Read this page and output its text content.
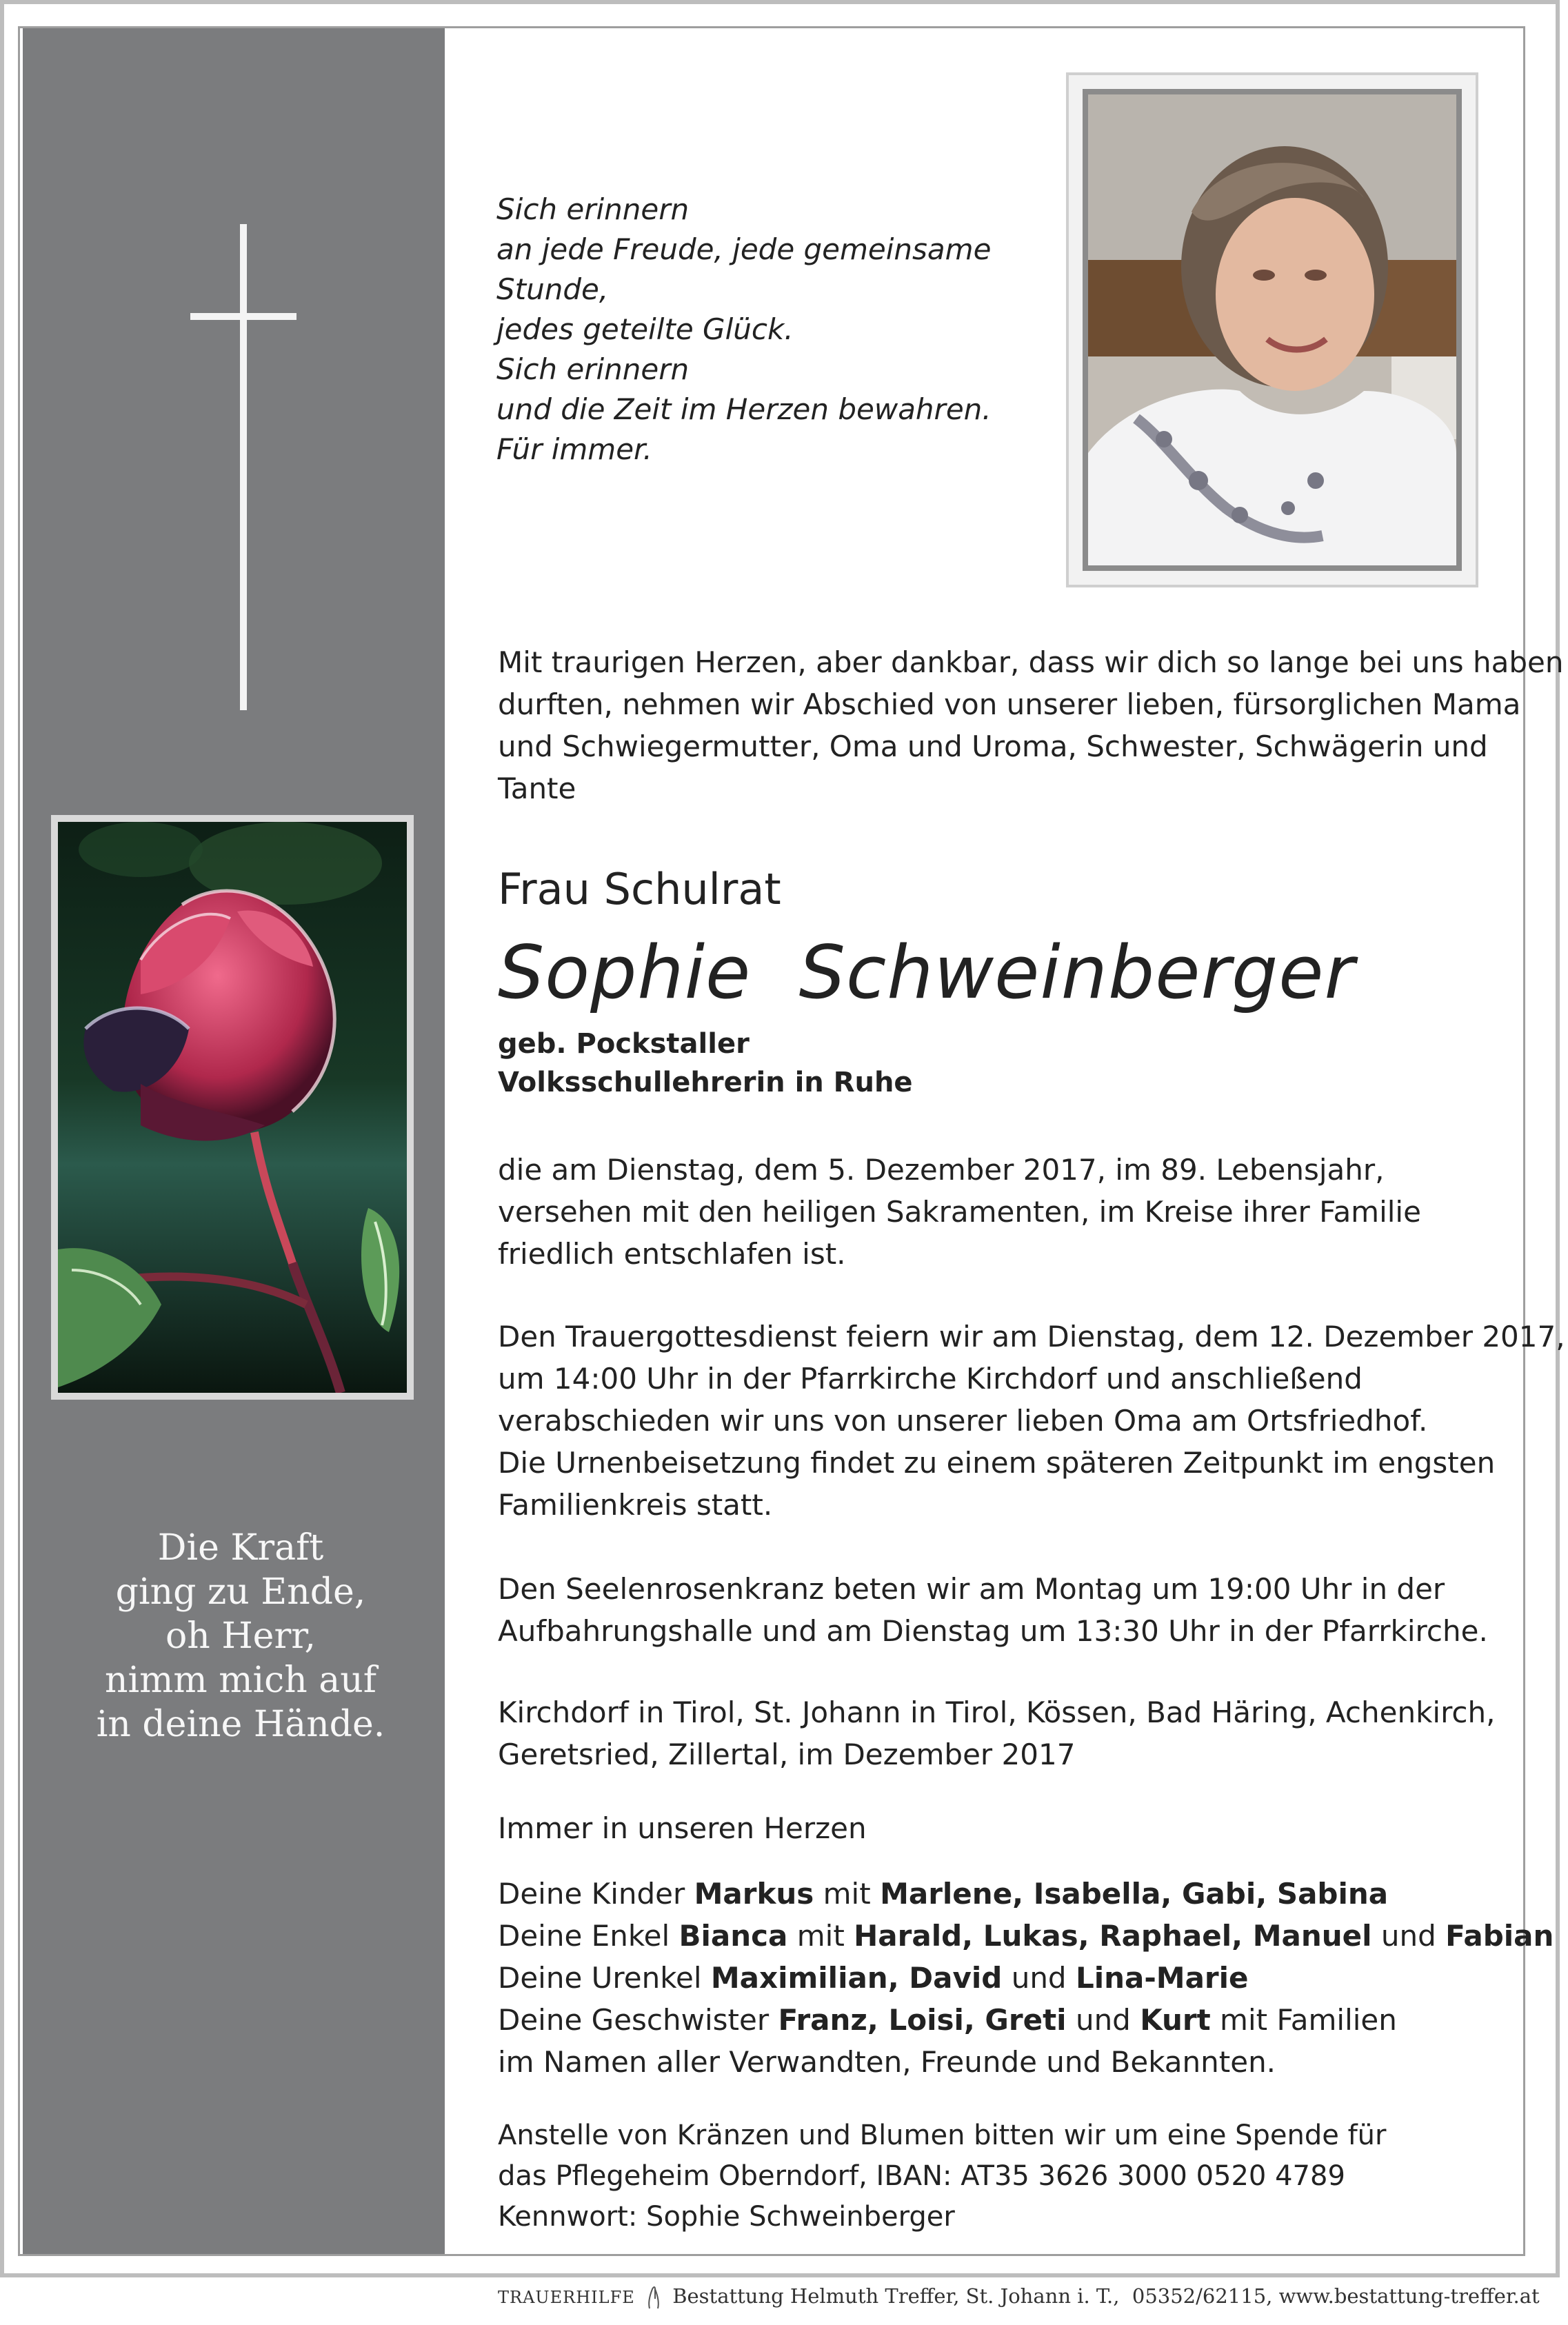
Die Kraft
ging zu Ende,
oh Herr,
nimm mich auf
in deine Hände.
Sich erinnern
an jede Freude, jede gemeinsame
Stunde,
jedes geteilte Glück.
Sich erinnern
und die Zeit im Herzen bewahren.
Für immer.
Mit traurigen Herzen, aber dankbar, dass wir dich so lange bei uns haben
durften, nehmen wir Abschied von unserer lieben, fürsorglichen Mama
und Schwiegermutter, Oma und Uroma, Schwester, Schwägerin und
Tante
Frau Schulrat
Sophie  Schweinberger
geb. Pockstaller
Volksschullehrerin in Ruhe
die am Dienstag, dem 5. Dezember 2017, im 89. Lebensjahr,
versehen mit den heiligen Sakramenten, im Kreise ihrer Familie
friedlich entschlafen ist.
Den Trauergottesdienst feiern wir am Dienstag, dem 12. Dezember 2017,
um 14:00 Uhr in der Pfarrkirche Kirchdorf und anschließend
verabschieden wir uns von unserer lieben Oma am Ortsfriedhof.
Die Urnenbeisetzung findet zu einem späteren Zeitpunkt im engsten
Familienkreis statt.
Den Seelenrosenkranz beten wir am Montag um 19:00 Uhr in der
Aufbahrungshalle und am Dienstag um 13:30 Uhr in der Pfarrkirche.
Kirchdorf in Tirol, St. Johann in Tirol, Kössen, Bad Häring, Achenkirch,
Geretsried, Zillertal, im Dezember 2017
Immer in unseren Herzen
Deine Kinder Markus mit Marlene, Isabella, Gabi, Sabina
Deine Enkel Bianca mit Harald, Lukas, Raphael, Manuel und Fabian
Deine Urenkel Maximilian, David und Lina-Marie
Deine Geschwister Franz, Loisi, Greti und Kurt mit Familien
im Namen aller Verwandten, Freunde und Bekannten.
Anstelle von Kränzen und Blumen bitten wir um eine Spende für
das Pflegeheim Oberndorf, IBAN: AT35 3626 3000 0520 4789
Kennwort: Sophie Schweinberger
TRAUERHILFE Bestattung Helmuth Treffer, St. Johann i. T.,  05352/62115, www.bestattung-treffer.at
